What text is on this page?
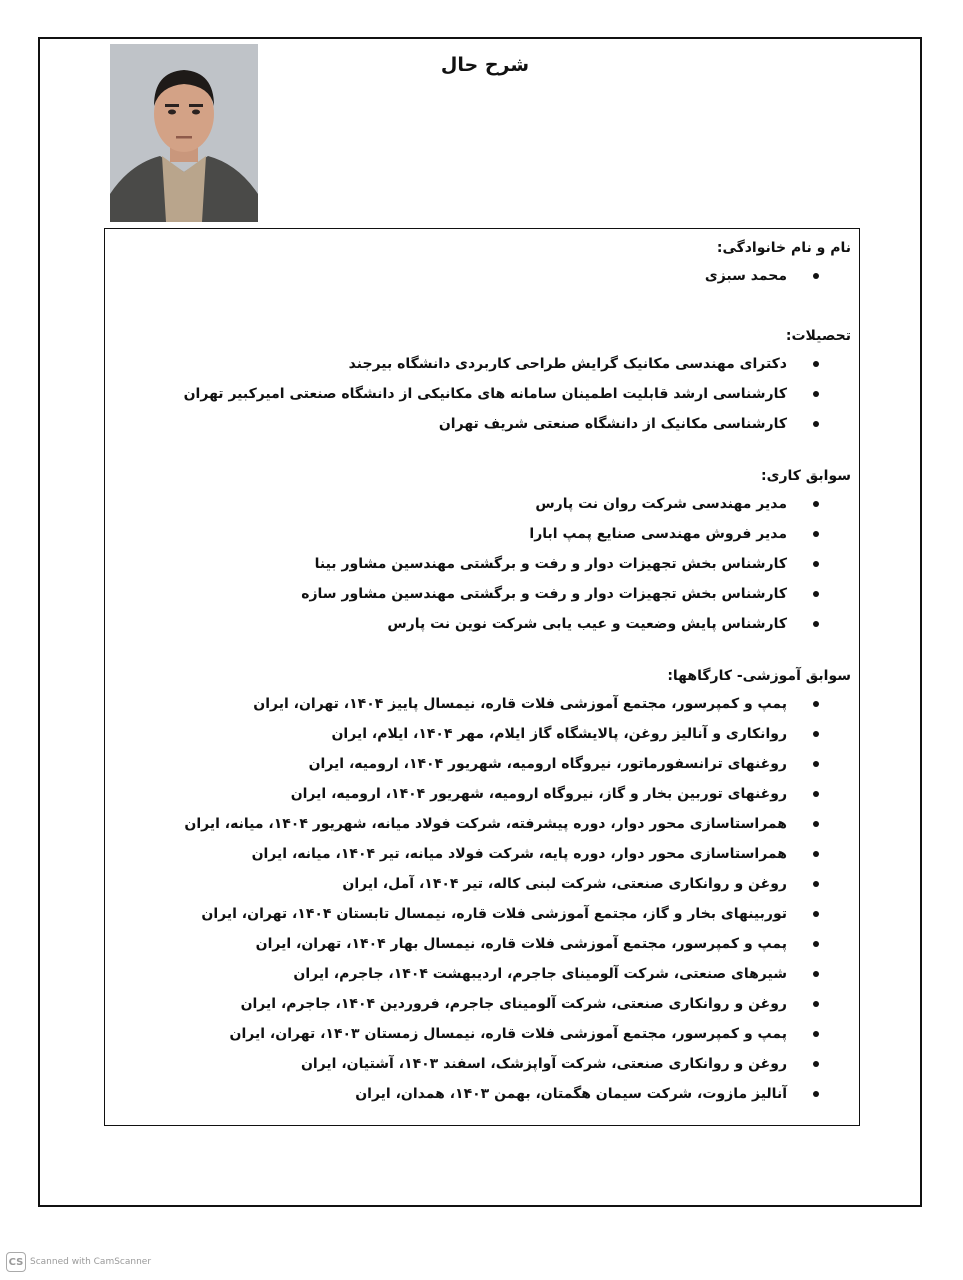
شرح حال
نام و نام خانوادگی:
محمد سبزی
تحصیلات:
دکترای مهندسی مکانیک گرایش طراحی کاربردی دانشگاه بیرجند
کارشناسی ارشد قابلیت اطمینان سامانه های مکانیکی از دانشگاه صنعتی امیرکبیر تهران
کارشناسی مکانیک از دانشگاه صنعتی شریف تهران
سوابق کاری:
مدیر مهندسی شرکت روان نت پارس
مدیر فروش مهندسی صنایع پمپ ابارا
کارشناس بخش تجهیزات دوار و رفت و برگشتی مهندسین مشاور بینا
کارشناس بخش تجهیزات دوار و رفت و برگشتی مهندسین مشاور سازه
کارشناس پایش وضعیت و عیب یابی شرکت نوین نت پارس
سوابق آموزشی- کارگاهها:
پمپ و کمپرسور، مجتمع آموزشی فلات قاره، نیمسال پاییز ۱۴۰۴، تهران، ایران
روانکاری و آنالیز روغن، پالایشگاه گاز ایلام، مهر ۱۴۰۴، ایلام، ایران
روغنهای ترانسفورماتور، نیروگاه ارومیه، شهریور ۱۴۰۴، ارومیه، ایران
روغنهای توربین بخار و گاز، نیروگاه ارومیه، شهریور ۱۴۰۴، ارومیه، ایران
همراستاسازی محور دوار، دوره پیشرفته، شرکت فولاد میانه، شهریور ۱۴۰۴، میانه، ایران
همراستاسازی محور دوار، دوره پایه، شرکت فولاد میانه، تیر ۱۴۰۴، میانه، ایران
روغن و روانکاری صنعتی، شرکت لبنی کاله، تیر ۱۴۰۴، آمل، ایران
توربینهای بخار و گاز، مجتمع آموزشی فلات قاره، نیمسال تابستان ۱۴۰۴، تهران، ایران
پمپ و کمپرسور، مجتمع آموزشی فلات قاره، نیمسال بهار ۱۴۰۴، تهران، ایران
شیرهای صنعتی، شرکت آلومینای جاجرم، اردیبهشت ۱۴۰۴، جاجرم، ایران
روغن و روانکاری صنعتی، شرکت آلومینای جاجرم، فروردین ۱۴۰۴، جاجرم، ایران
پمپ و کمپرسور، مجتمع آموزشی فلات قاره، نیمسال زمستان ۱۴۰۳، تهران، ایران
روغن و روانکاری صنعتی، شرکت آواپزشک، اسفند ۱۴۰۳، آشتیان، ایران
آنالیز مازوت، شرکت سیمان هگمتان، بهمن ۱۴۰۳، همدان، ایران
CS Scanned with CamScanner
